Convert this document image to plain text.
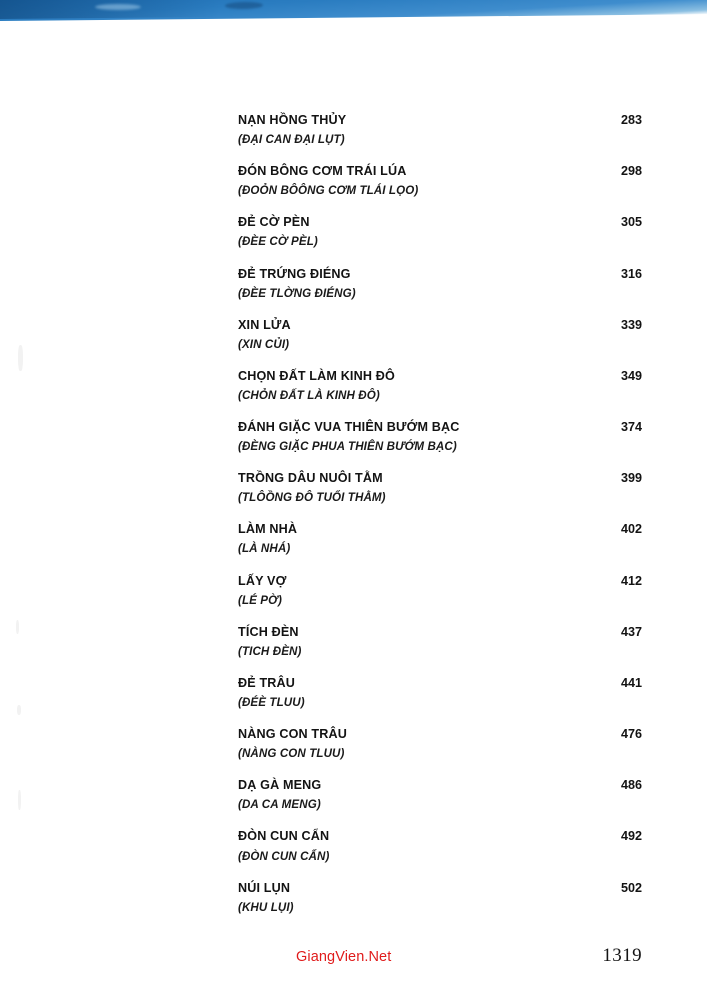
NẠN HỒNG THỦY
(ĐẠI CAN ĐẠI LỤT)
283
ĐÓN BÔNG CƠM TRÁI LÚA
(ĐOỎN BÔÔNG CƠM TLÁI LỌO)
298
ĐẺ CỜ PÈN
(ĐÈE CỜ PÈL)
305
ĐẺ TRỨNG ĐIÉNG
(ĐÈE TLỜNG ĐIÉNG)
316
XIN LỬA
(XIN CỦI)
339
CHỌN ĐẤT LÀM KINH ĐÔ
(CHỎN ĐẤT LÀ KINH ĐÔ)
349
ĐÁNH GIẶC VUA THIÊN BƯỚM BẠC
(ĐÈNG GIẶC PHUA THIÊN BƯỚM BẠC)
374
TRỒNG DÂU NUÔI TẰM
(TLÔỒNG ĐÔ TUỔI THẰM)
399
LÀM NHÀ
(LÀ NHÁ)
402
LẤY VỢ
(LÉ PỜ)
412
TÍCH ĐÈN
(TICH ĐÈN)
437
ĐẺ TRÂU
(ĐÉÈ TLUU)
441
NÀNG CON TRÂU
(NÀNG CON TLUU)
476
DẠ GÀ MENG
(DA CA MENG)
486
ĐÒN CUN CẨN
(ĐÒN CUN CẨN)
492
NÚI LỤN
(KHU LỤI)
502
GiangVien.Net	1319
